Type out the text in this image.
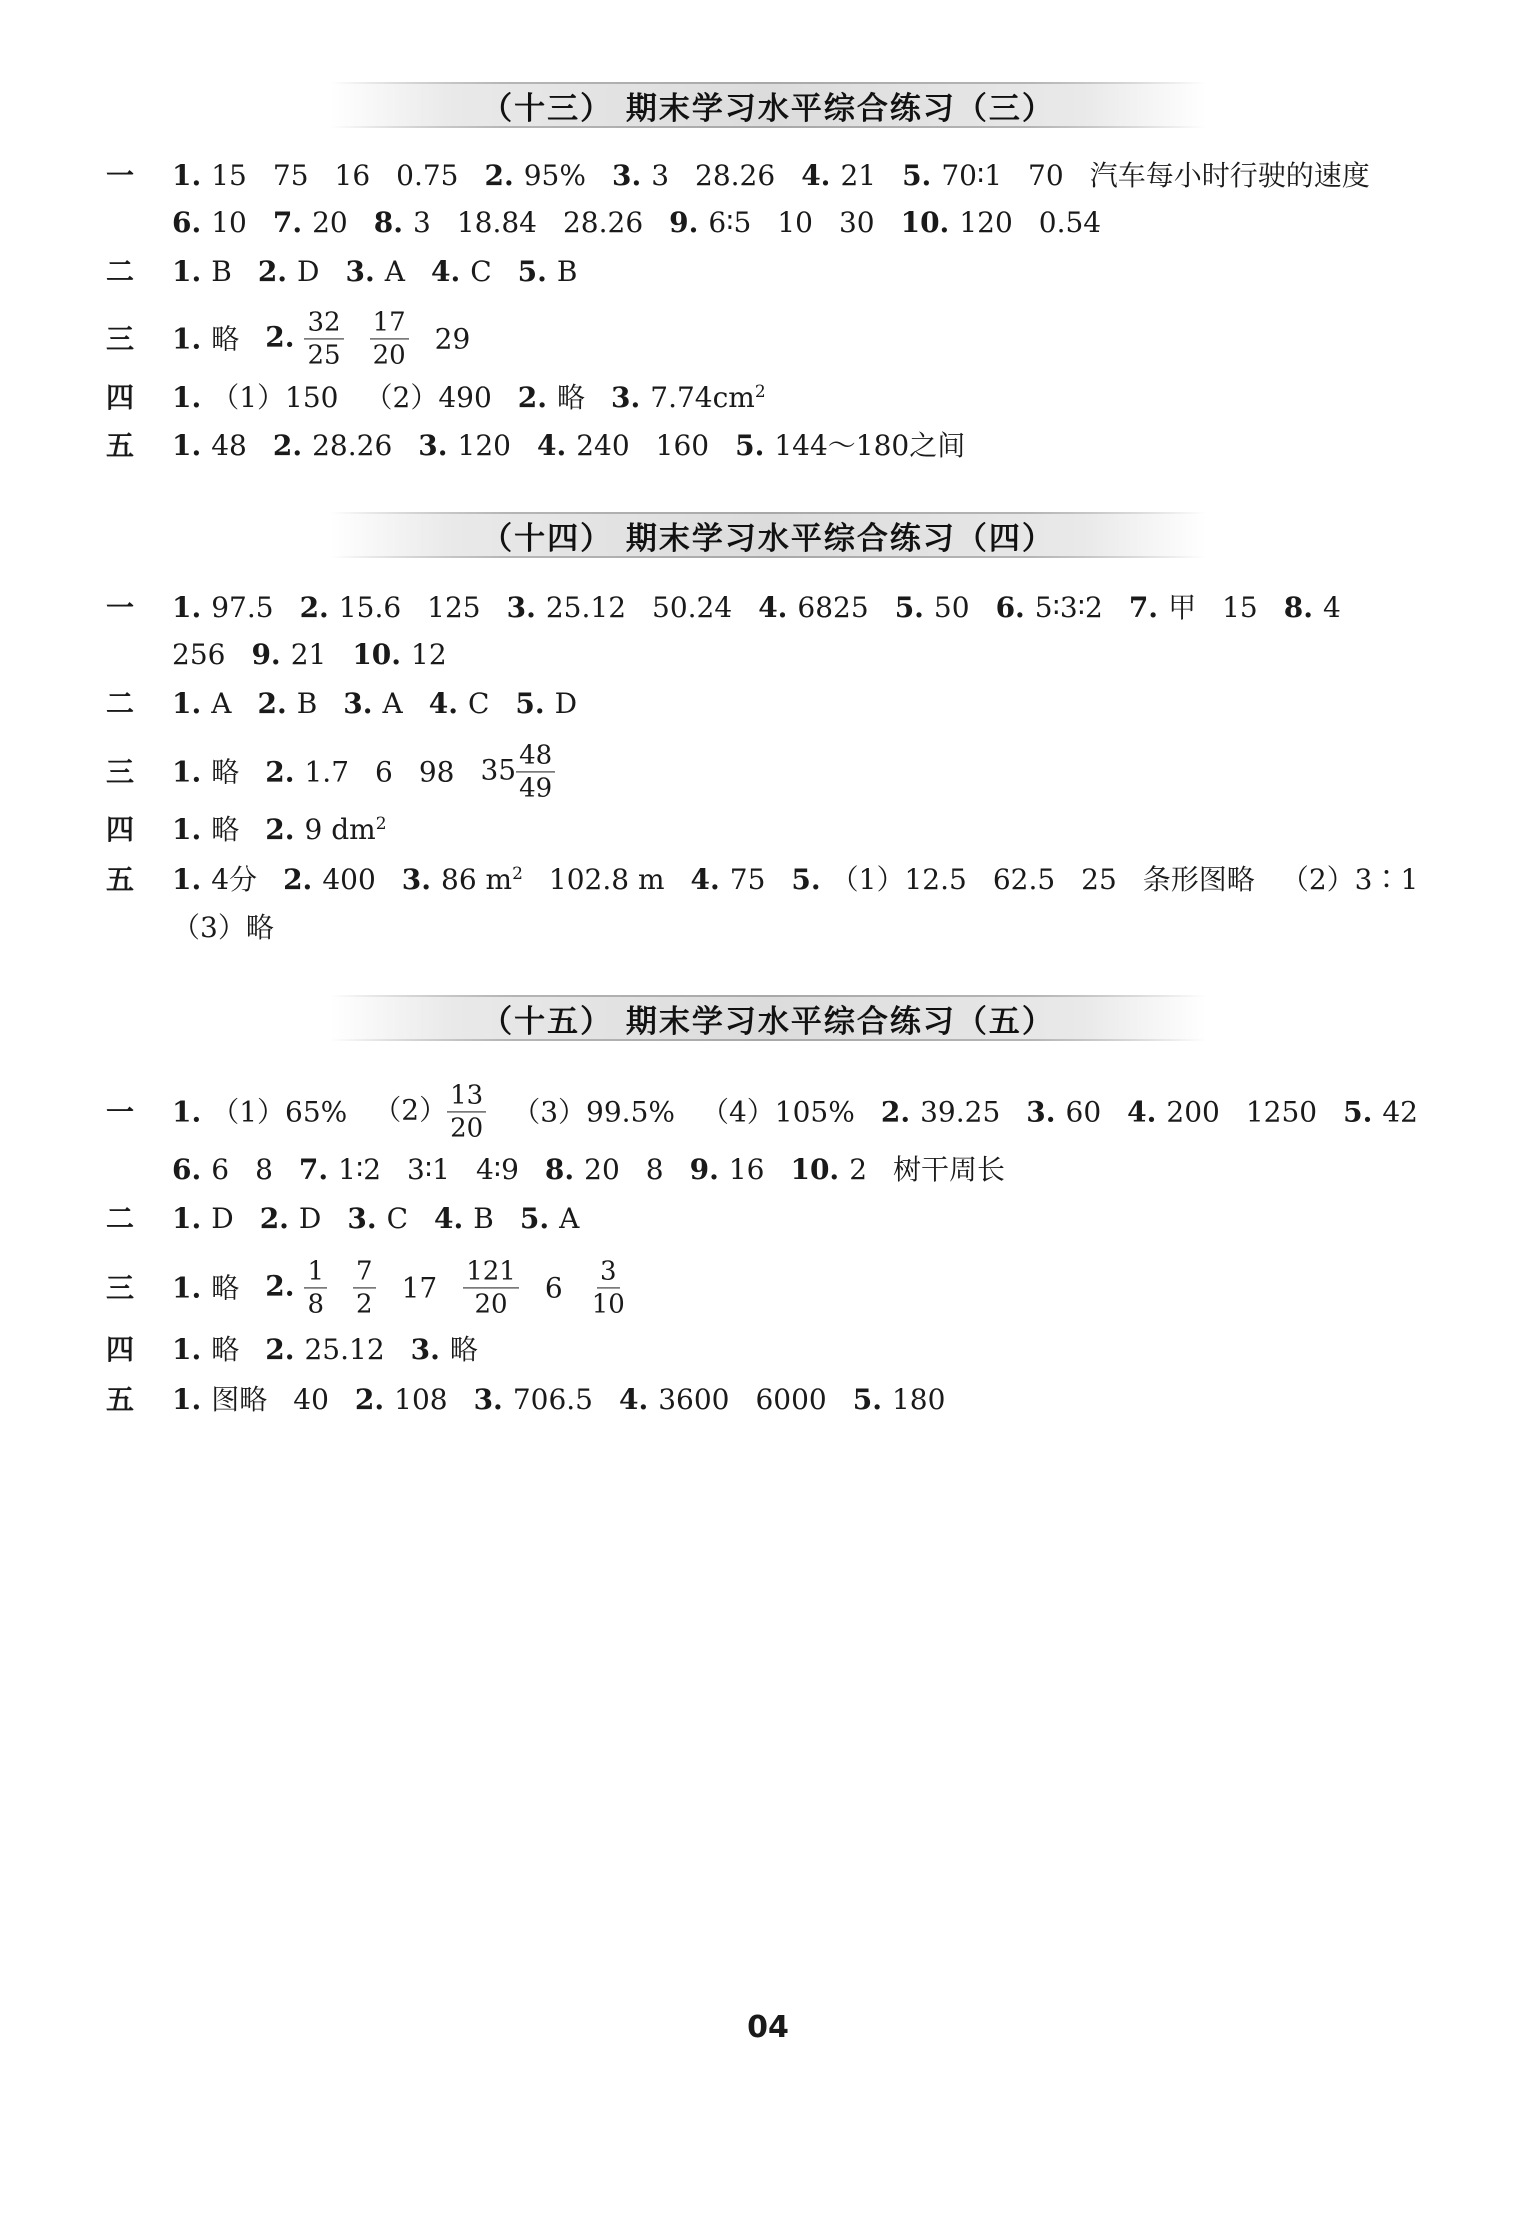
（十三） 期末学习水平综合练习（三）
一	1. 15 75 16 0.75 2. 95% 3. 3 28.26 4. 21 5. 70∶1 70 汽车每小时行驶的速度
6. 10 7. 20 8. 3 18.84 28.26 9. 6∶5 10 30 10. 120 0.54
二	1. B 2. D 3. A 4. C 5. B
三	1. 略 2. $\frac{32}{25} \frac{17}{20} 29$
四	1. （1）150 （2）490 2. 略 3. $7.74cm^2$
五	1. 48 2. 28.26 3. 120 4. 240 160 5. 144～180之间
（十四） 期末学习水平综合练习（四）
一	1. 97.5 2. 15.6 125 3. 25.12 50.24 4. 6825 5. 50 6. 5∶3∶2 7. 甲 15 8. 4
256 9. 21 10. 12
二	1. A 2. B 3. A 4. C 5. D
三	1. 略 2. 1.7 6 98 $35 \frac{48}{49}$
四	1. 略 2. 9 $dm^2$
五	1. 4分 2. 400 3. 86 $m^2$ 102.8 m 4. 75 5. （1）12.5 62.5 25 条形图略 （2）3∶1
（3）略
（十五） 期末学习水平综合练习（五）
一	1. （1）65% $(2) \frac{13}{20} (3)99.5\%$ （4）105% 2. 39.25 3. 60 4. 200 1250 5. 42
6. 6 8 7. 1∶2 3∶1 4∶9 8. 20 8 9. 16 10. 2 树干周长
二	1. D 2. D 3. C 4. B 5. A
三	1. 略 2. $\frac{1}{8} \frac{7}{2} 17 \frac{121}{20} 6 \frac{3}{10}$
四	1. 略 2. 25.12 3. 略
五	1. 图略 40 2. 108 3. 706.5 4. 3600 6000 5. 180
04
